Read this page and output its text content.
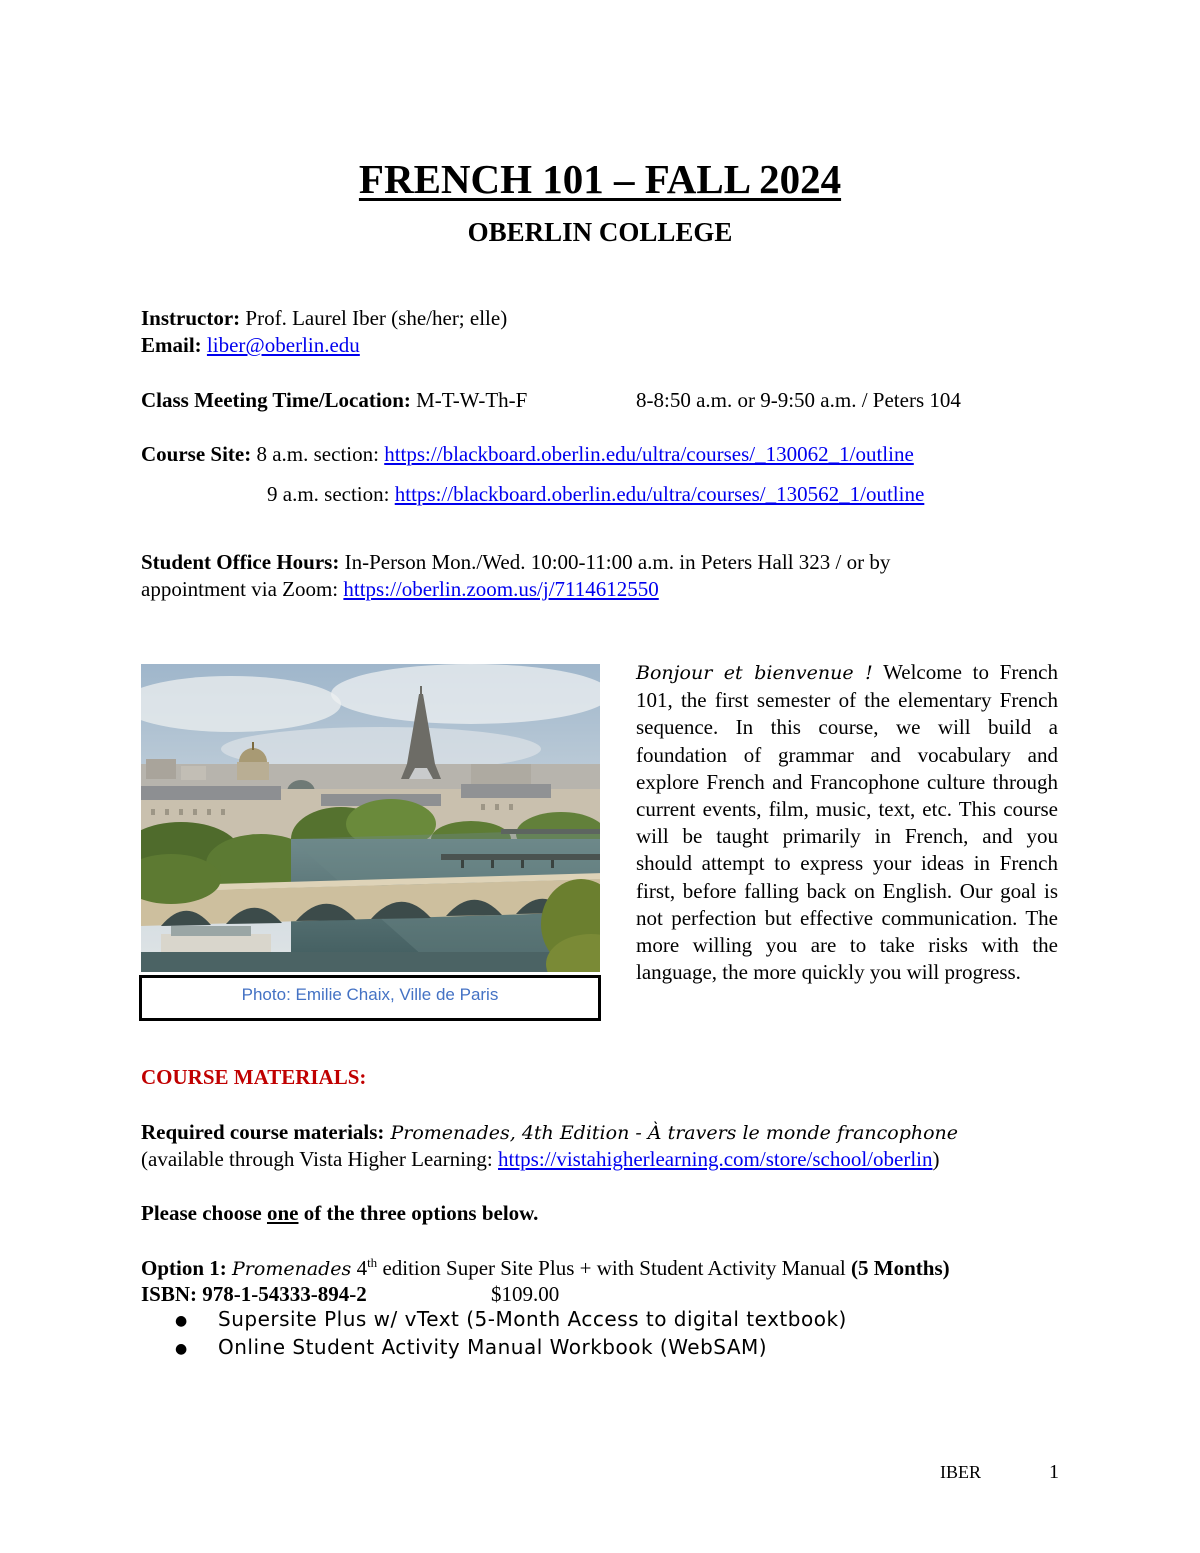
FRENCH 101 – FALL 2024
OBERLIN COLLEGE
Instructor: Prof. Laurel Iber (she/her; elle)
Email: liber@oberlin.edu
Class Meeting Time/Location: M-T-W-Th-F	8-8:50 a.m. or 9-9:50 a.m. / Peters 104
Course Site: 8 a.m. section: https://blackboard.oberlin.edu/ultra/courses/_130062_1/outline
9 a.m. section: https://blackboard.oberlin.edu/ultra/courses/_130562_1/outline
Student Office Hours: In-Person Mon./Wed. 10:00-11:00 a.m. in Peters Hall 323 / or by
appointment via Zoom: https://oberlin.zoom.us/j/7114612550
Photo: Emilie Chaix, Ville de Paris
Bonjour et bienvenue ! Welcome to French 101, the first semester of the elementary French sequence. In this course, we will build a foundation of grammar and vocabulary and explore French and Francophone culture through current events, film, music, text, etc. This course will be taught primarily in French, and you should attempt to express your ideas in French first, before falling back on English. Our goal is not perfection but effective communication. The more willing you are to take risks with the language, the more quickly you will progress.
COURSE MATERIALS:
Required course materials: Promenades, 4th Edition - À travers le monde francophone
(available through Vista Higher Learning: https://vistahigherlearning.com/store/school/oberlin)
Please choose one of the three options below.
Option 1: Promenades 4th edition Super Site Plus + with Student Activity Manual (5 Months)
ISBN: 978-1-54333-894-2	$109.00
● Supersite Plus w/ vText (5-Month Access to digital textbook)
● Online Student Activity Manual Workbook (WebSAM)
IBER	1
